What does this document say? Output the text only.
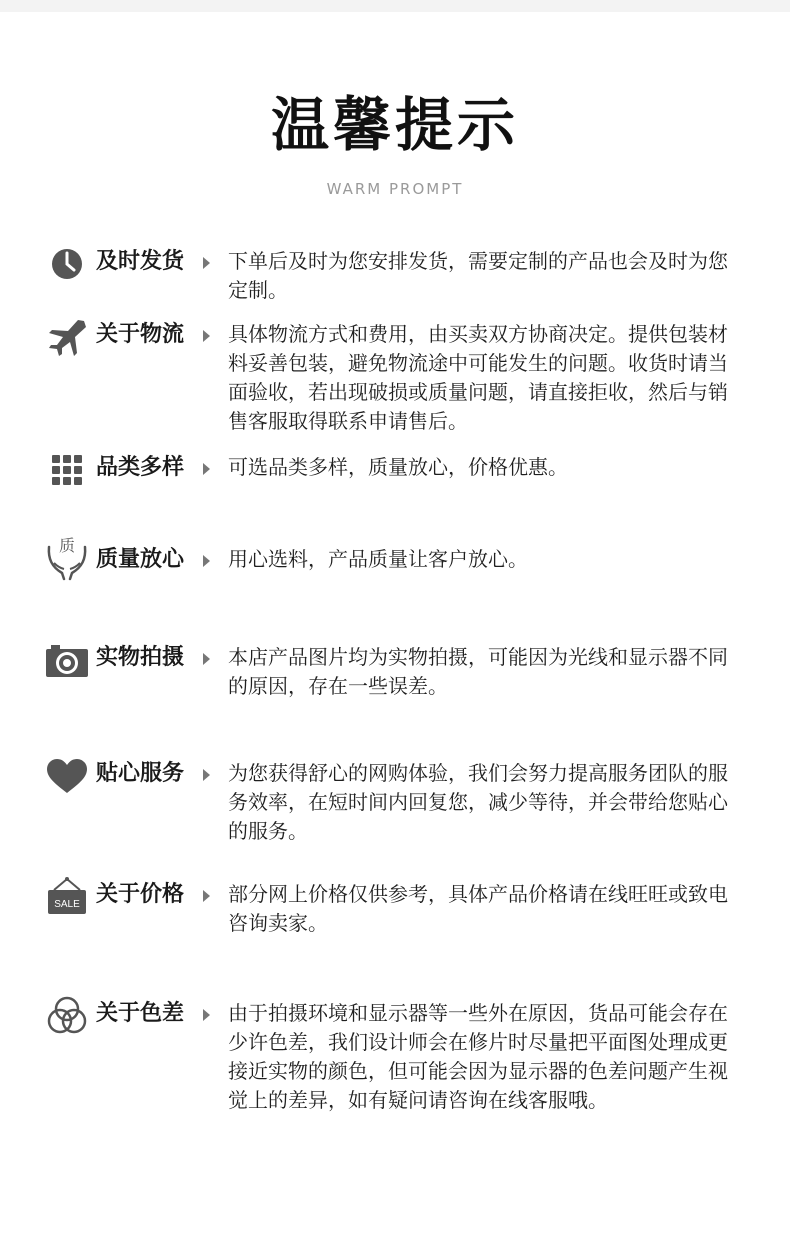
温馨提示
WARM PROMPT
及时发货 下单后及时为您安排发货，需要定制的产品也会及时为您定制。
关于物流 具体物流方式和费用，由买卖双方协商决定。提供包装材料妥善包装，避免物流途中可能发生的问题。收货时请当面验收，若出现破损或质量问题，请直接拒收，然后与销售客服取得联系申请售后。
品类多样 可选品类多样，质量放心，价格优惠。
质
质量放心 用心选料，产品质量让客户放心。
实物拍摄 本店产品图片均为实物拍摄，可能因为光线和显示器不同的原因，存在一些误差。
贴心服务 为您获得舒心的网购体验，我们会努力提高服务团队的服务效率，在短时间内回复您，减少等待，并会带给您贴心的服务。
SALE 关于价格 部分网上价格仅供参考，具体产品价格请在线旺旺或致电咨询卖家。
关于色差 由于拍摄环境和显示器等一些外在原因，货品可能会存在少许色差，我们设计师会在修片时尽量把平面图处理成更接近实物的颜色，但可能会因为显示器的色差问题产生视觉上的差异，如有疑问请咨询在线客服哦。
